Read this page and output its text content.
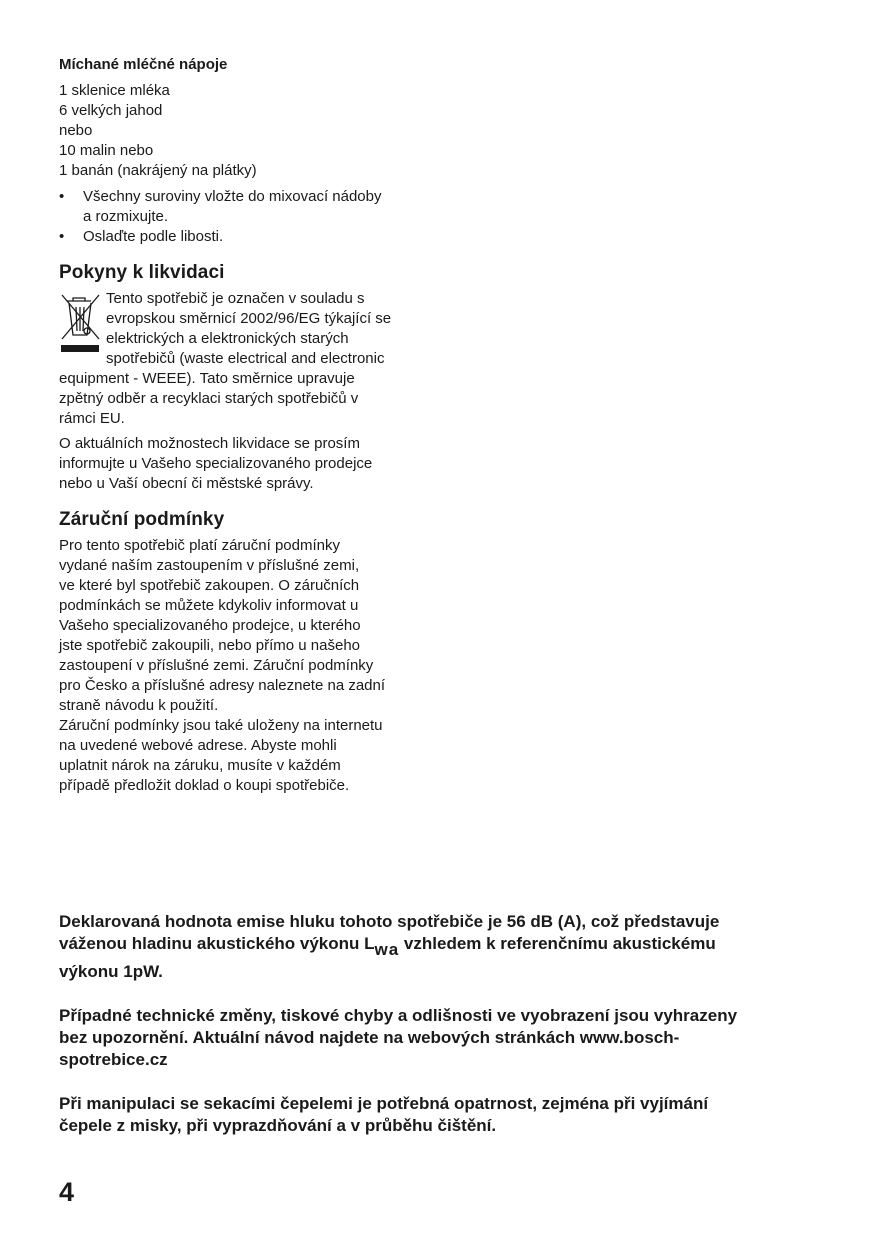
Míchané mléčné nápoje
1 sklenice mléka
6 velkých jahod
nebo
10 malin nebo
1 banán (nakrájený na plátky)
• Všechny suroviny vložte do mixovací nádoby
a rozmixujte.
• Oslaďte podle libosti.
Pokyny k likvidaci
Tento spotřebič je označen v souladu s
evropskou směrnicí 2002/96/EG týkající se
elektrických a elektronických starých
spotřebičů (waste electrical and electronic
equipment - WEEE). Tato směrnice upravuje
zpětný odběr a recyklaci starých spotřebičů v
rámci EU.
O aktuálních možnostech likvidace se prosím
informujte u Vašeho specializovaného prodejce
nebo u Vaší obecní či městské správy.
Záruční podmínky
Pro tento spotřebič platí záruční podmínky
vydané naším zastoupením v příslušné zemi,
ve které byl spotřebič zakoupen. O záručních
podmínkách se můžete kdykoliv informovat u
Vašeho specializovaného prodejce, u kterého
jste spotřebič zakoupili, nebo přímo u našeho
zastoupení v příslušné zemi. Záruční podmínky
pro Česko a příslušné adresy naleznete na zadní
straně návodu k použití.
Záruční podmínky jsou také uloženy na internetu
na uvedené webové adrese. Abyste mohli
uplatnit nárok na záruku, musíte v každém
případě předložit doklad o koupi spotřebiče.

Deklarovaná hodnota emise hluku tohoto spotřebiče je 56 dB (A), což představuje
váženou hladinu akustického výkonu Lwa vzhledem k referenčnímu akustickému
výkonu 1pW.

Případné technické změny, tiskové chyby a odlišnosti ve vyobrazení jsou vyhrazeny
bez upozornění. Aktuální návod najdete na webových stránkách www.bosch-
spotrebice.cz

Při manipulaci se sekacími čepelemi je potřebná opatrnost, zejména při vyjímání
čepele z misky, při vyprazdňování a v průběhu čištění.

4
